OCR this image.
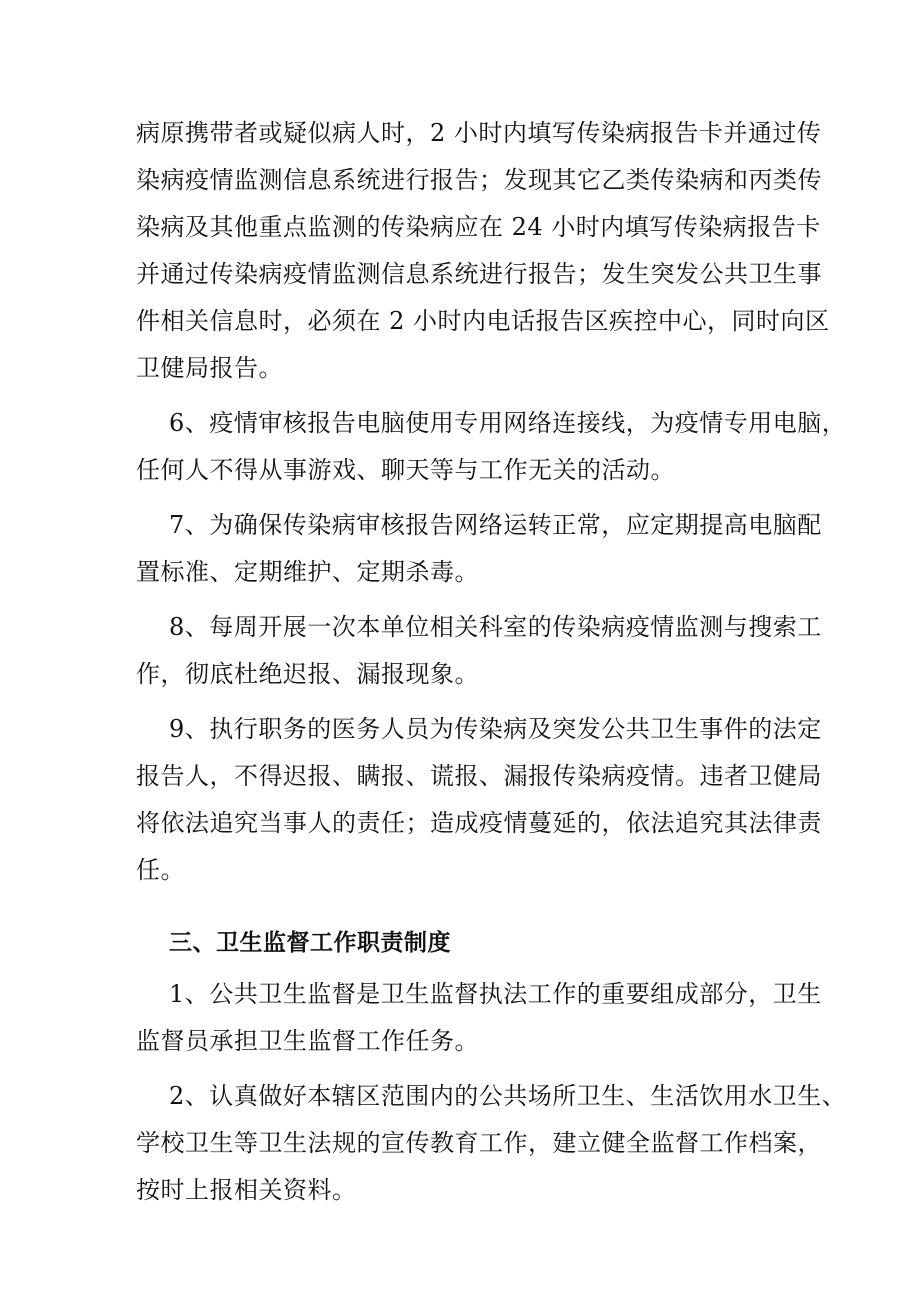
病原携带者或疑似病人时，2 小时内填写传染病报告卡并通过传
染病疫情监测信息系统进行报告；发现其它乙类传染病和丙类传
染病及其他重点监测的传染病应在 24 小时内填写传染病报告卡
并通过传染病疫情监测信息系统进行报告；发生突发公共卫生事
件相关信息时，必须在 2 小时内电话报告区疾控中心，同时向区
卫健局报告。
6、疫情审核报告电脑使用专用网络连接线，为疫情专用电脑，
任何人不得从事游戏、聊天等与工作无关的活动。
7、为确保传染病审核报告网络运转正常，应定期提高电脑配
置标准、定期维护、定期杀毒。
8、每周开展一次本单位相关科室的传染病疫情监测与搜索工
作，彻底杜绝迟报、漏报现象。
9、执行职务的医务人员为传染病及突发公共卫生事件的法定
报告人，不得迟报、瞒报、谎报、漏报传染病疫情。违者卫健局
将依法追究当事人的责任；造成疫情蔓延的，依法追究其法律责
任。
三、卫生监督工作职责制度
1、公共卫生监督是卫生监督执法工作的重要组成部分，卫生
监督员承担卫生监督工作任务。
2、认真做好本辖区范围内的公共场所卫生、生活饮用水卫生、
学校卫生等卫生法规的宣传教育工作，建立健全监督工作档案，
按时上报相关资料。
